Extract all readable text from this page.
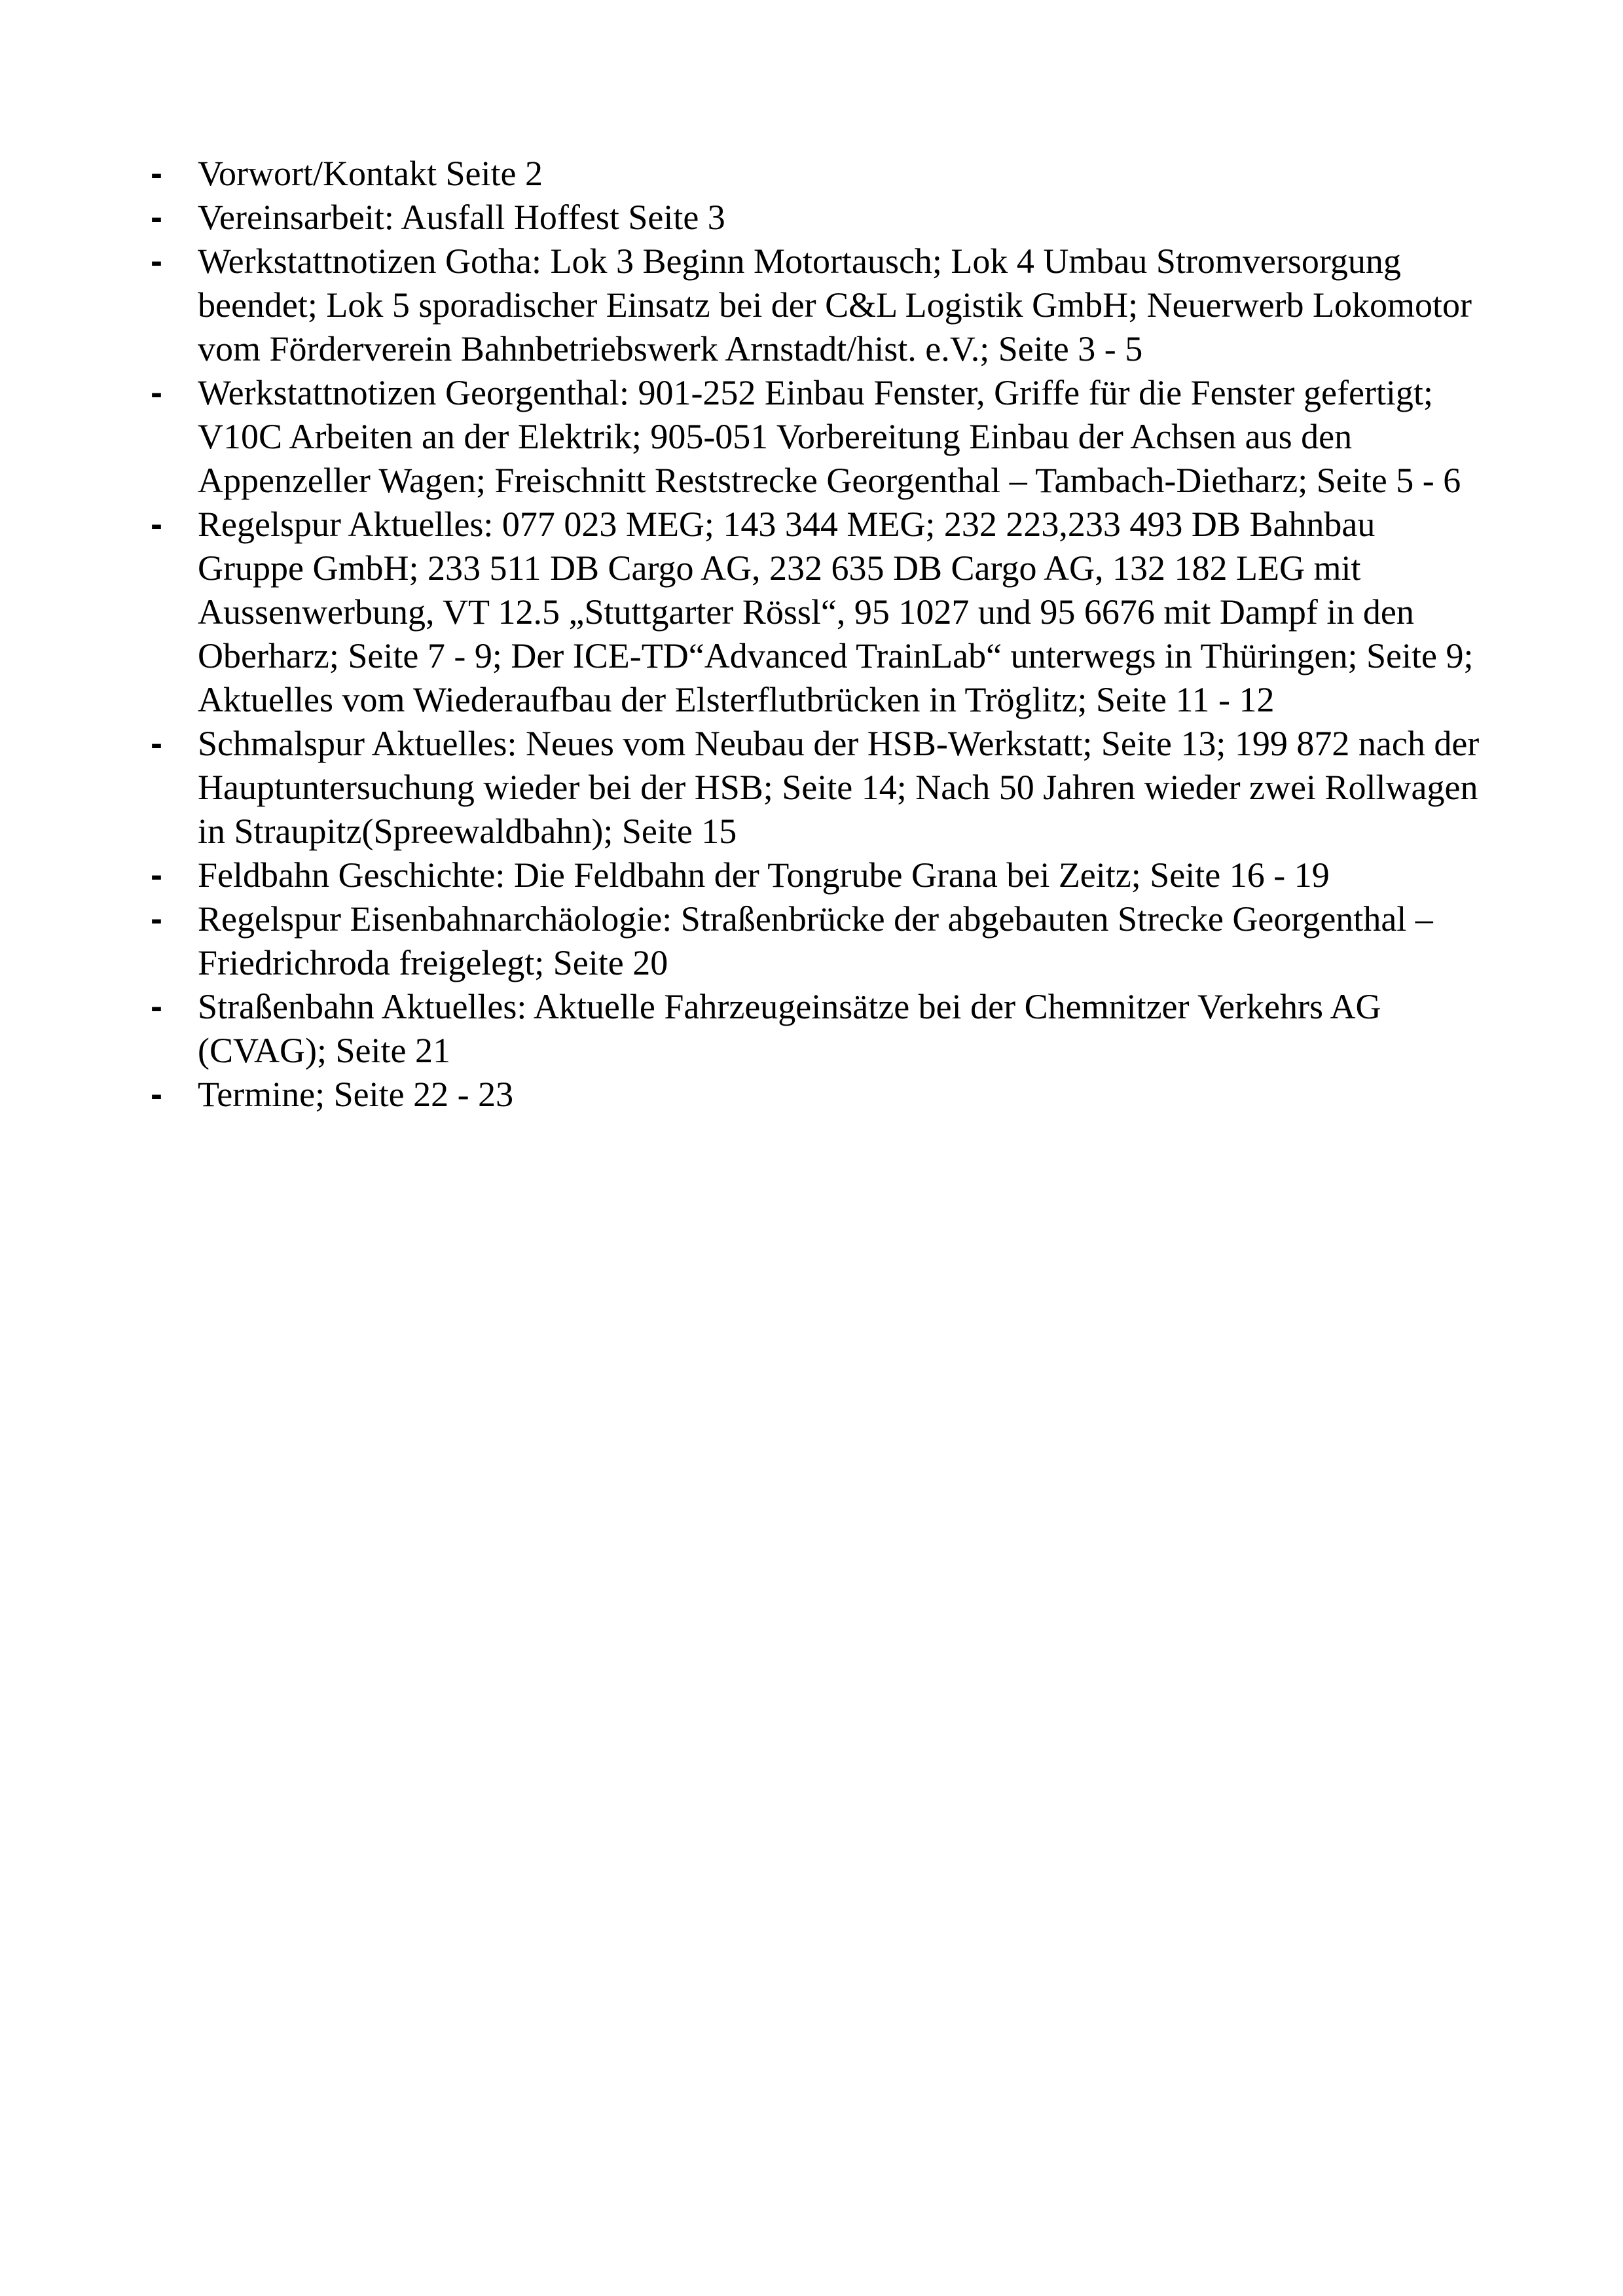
- Vorwort/Kontakt Seite 2
- Vereinsarbeit: Ausfall Hoffest Seite 3
- Werkstattnotizen Gotha: Lok 3 Beginn Motortausch; Lok 4 Umbau Stromversorgung beendet; Lok 5 sporadischer Einsatz bei der C&L Logistik GmbH; Neuerwerb Lokomotor vom Förderverein Bahnbetriebswerk Arnstadt/hist. e.V.; Seite 3 - 5
- Werkstattnotizen Georgenthal: 901-252 Einbau Fenster, Griffe für die Fenster gefertigt; V10C Arbeiten an der Elektrik; 905-051 Vorbereitung Einbau der Achsen aus den Appenzeller Wagen; Freischnitt Reststrecke Georgenthal – Tambach-Dietharz; Seite 5 - 6
- Regelspur Aktuelles: 077 023 MEG; 143 344 MEG; 232 223,233 493 DB Bahnbau Gruppe GmbH; 233 511 DB Cargo AG, 232 635 DB Cargo AG, 132 182 LEG mit Aussenwerbung, VT 12.5 „Stuttgarter Rössl“, 95 1027 und 95 6676 mit Dampf in den Oberharz; Seite 7 - 9; Der ICE-TD“Advanced TrainLab“ unterwegs in Thüringen; Seite 9; Aktuelles vom Wiederaufbau der Elsterflutbrücken in Tröglitz; Seite 11 - 12
- Schmalspur Aktuelles: Neues vom Neubau der HSB-Werkstatt; Seite 13; 199 872 nach der Hauptuntersuchung wieder bei der HSB; Seite 14; Nach 50 Jahren wieder zwei Rollwagen in Straupitz(Spreewaldbahn); Seite 15
- Feldbahn Geschichte: Die Feldbahn der Tongrube Grana bei Zeitz; Seite 16 - 19
- Regelspur Eisenbahnarchäologie: Straßenbrücke der abgebauten Strecke Georgenthal – Friedrichroda freigelegt; Seite 20
- Straßenbahn Aktuelles: Aktuelle Fahrzeugeinsätze bei der Chemnitzer Verkehrs AG (CVAG); Seite 21
- Termine; Seite 22 - 23
